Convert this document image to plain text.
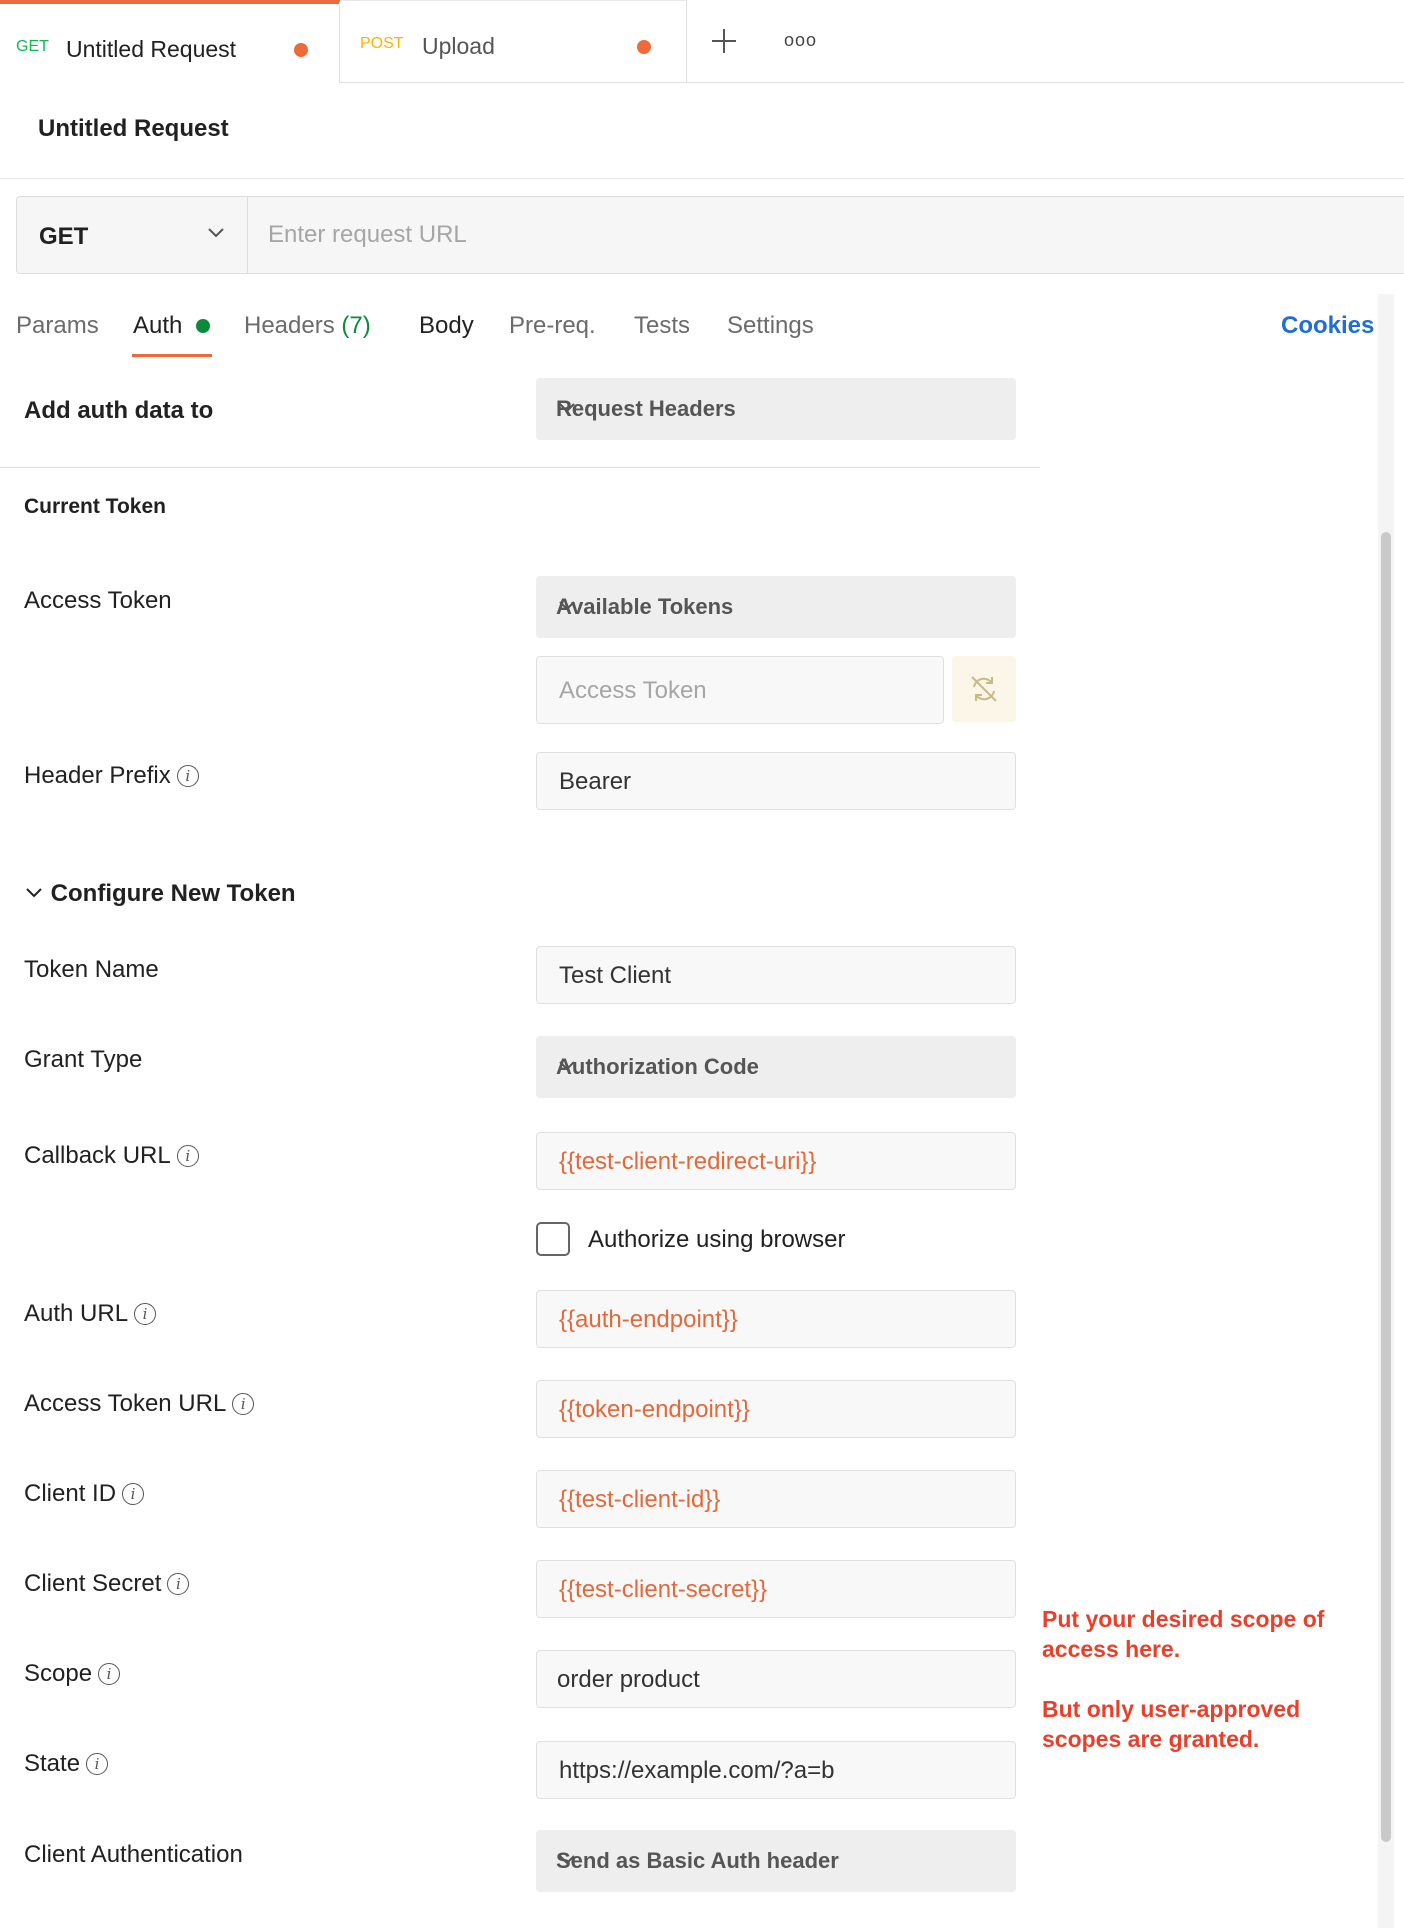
GET Untitled Request	POST Upload	ooo
Untitled Request
GET
Enter request URL
Params Auth	Headers (7) Body Pre-req. Tests Settings	Cookies
Add auth data to	Request Headers
Current Token
Access Token	Available Tokens
Access Token
Header Prefix i	Bearer
Configure New Token
Token Name	Test Client
Grant Type	Authorization Code
Callback URL i	{{test-client-redirect-uri}}
Authorize using browser
Auth URL i	{{auth-endpoint}}
Access Token URL i	{{token-endpoint}}
Client ID i	{{test-client-id}}
Client Secret i	{{test-client-secret}}
Scope i	order product
State i	https://example.com/?a=b
Client Authentication	Send as Basic Auth header
Put your desired scope of
access here.
But only user-approved
scopes are granted.
